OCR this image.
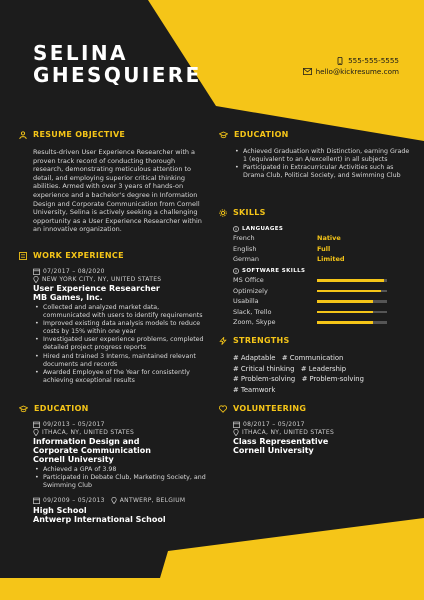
SELINA
GHESQUIERE
555-555-5555
hello@kickresume.com
RESUME OBJECTIVE
Results-driven User Experience Researcher with a proven track record of conducting thorough research, demonstrating meticulous attention to detail, and employing superior critical thinking abilities. Armed with over 3 years of hands-on experience and a bachelor's degree in Information Design and Corporate Communication from Cornell University, Selina is actively seeking a challenging opportunity as a User Experience Researcher within an innovative organization.
WORK EXPERIENCE
07/2017 – 08/2020
NEW YORK CITY, NY, UNITED STATES
User Experience Researcher
MB Games, Inc.
• Collected and analyzed market data, communicated with users to identify requirements
• Improved existing data analysis models to reduce costs by 15% within one year
• Investigated user experience problems, completed detailed project progress reports
• Hired and trained 3 Interns, maintained relevant documents and records
• Awarded Employee of the Year for consistently achieving exceptional results
EDUCATION
09/2013 – 05/2017
ITHACA, NY, UNITED STATES
Information Design and Corporate Communication
Cornell University
• Achieved a GPA of 3.98
• Participated in Debate Club, Marketing Society, and Swimming Club
09/2009 – 05/2013	ANTWERP, BELGIUM
High School
Antwerp International School
EDUCATION
• Achieved Graduation with Distinction, earning Grade 1 (equivalent to an A/excellent) in all subjects
• Participated in Extracurricular Activities such as Drama Club, Political Society, and Swimming Club
SKILLS
LANGUAGES
French	Native
English	Full
German	Limited
SOFTWARE SKILLS
MS Office
Optimizely
Usabilla
Slack, Trello
Zoom, Skype
STRENGTHS
# Adaptable # Communication
# Critical thinking # Leadership
# Problem-solving # Problem-solving
# Teamwork
VOLUNTEERING
08/2017 – 05/2017
ITHACA, NY, UNITED STATES
Class Representative
Cornell University
